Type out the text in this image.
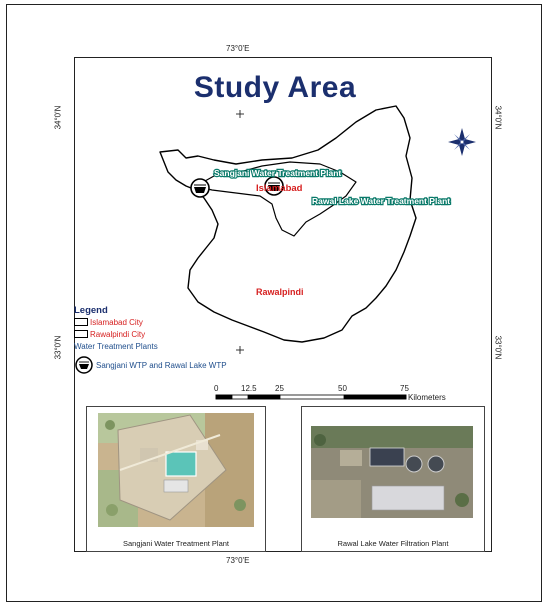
73°0'E
73°0'E
34°0'N
33°0'N
34°0'N
33°0'N
Study Area
Sangjani Water Treatment Plant
Rawal Lake Water Treatment Plant
Islamabad
Rawalpindi
Legend
Islamabad City
Rawalpindi City
Water Treatment Plants
Sangjani WTP and Rawal Lake WTP
0	12.5 25	50	75
Kilometers
Sangjani Water Treatment Plant	Rawal Lake Water Filtration Plant
